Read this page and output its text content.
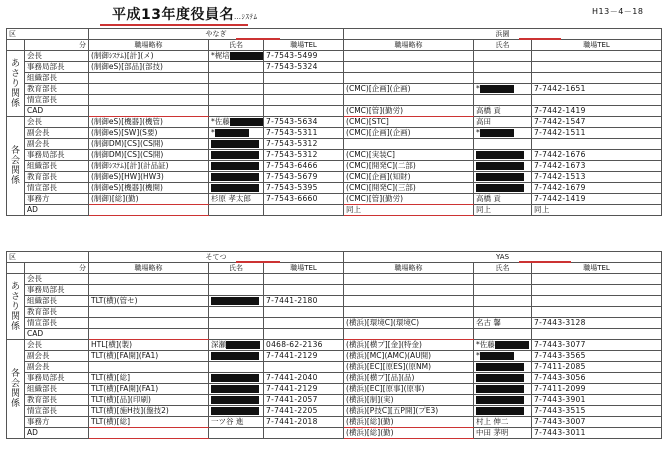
平成13年度役員名…ｼｽﾃﾑ
H13－4－18
区		やなぎ			浜園		
	分	職場略称	氏名	職場TEL	職場略称	氏名	職場TEL
あさり関係	会長	(制御ｼｽﾃﾑ)[計](メ)	*梶培	7-7543-5499			
	事務局部長	(制御eS)[部品](部技)		7-7543-5324			
	組織部長						
	教育部長				(CMC)[企画](企画)	*	7-7442-1651
	情宣部長						
	CAD				(CMC)[管](勤労)	高橋 貢	7-7442-1419
各会関係	会長	(制御eS)[機器](機管)	*佐藤	7-7543-5634	(CMC)[STC]	高田	7-7442-1547
	副会長	(制御eS)[SW](S要)	*	7-7543-5311	(CMC)[企画](企画)	*	7-7442-1511
	副会長	(制御DM)[CS](CS開)		7-7543-5312			
	事務局部長	(制御DM)[CS](CS開)		7-7543-5312	(CMC)[実装C]		7-7442-1676
	組織部長	(制御ｼｽﾃﾑ)[計](計品証)		7-7543-6466	(CMC)[開発C](二部)		7-7442-1673
	教育部長	(制御eS)[HW](HW3)		7-7543-5679	(CMC)[企画](知財)		7-7442-1513
	情宣部長	(制御eS)[機器](機開)		7-7543-5395	(CMC)[開発C](三部)		7-7442-1679
	事務方	(制御)[総](勤)	杉原 孝太郎	7-7543-6660	(CMC)[管](勤労)	高橋 貢	7-7442-1419
	AD				同上	同上	同上
区		そてつ			YAS		
	分	職場略称	氏名	職場TEL	職場略称	氏名	職場TEL
あさり関係	会長						
	事務局部長						
	組織部長	TLT(横)(管セ)		7-7441-2180			
	教育部長						
	情宣部長				(横浜)[環境C](環境C)	名古 馨	7-7443-3128
	CAD						
各会関係	会長	HTL[横](製)	深瀬	0468-62-2136	(横浜)[横プ][金](特金)	*佐藤	7-7443-3077
	副会長	TLT(横)[FA開](FA1)		7-7441-2129	(横浜)[MC](AMC)(AU開)	*	7-7443-3565
	副会長				(横浜)[EC][原ES](原NM)		7-7411-2085
	事務局部長	TLT(横)[総]		7-7441-2040	(横浜)[横プ][品](品)		7-7443-3056
	組織部長	TLT(横)[FA開](FA1)		7-7441-2129	(横浜)[EC][原事](原事)		7-7411-2099
	教育部長	TLT(横)[品](印刷)		7-7441-2057	(横浜)[制](実)		7-7443-3901
	情宣部長	TLT(横)[施H技](盤技2)		7-7441-2205	(横浜)[P技C][五P開](プE3)		7-7443-3515
	事務方	TLT(横)[総]	一ツ谷 進	7-7441-2018	(横浜)[総](勤)	村上 伸二	7-7443-3007
	AD				(横浜)[総](勤)	中田 茅明	7-7443-3011
